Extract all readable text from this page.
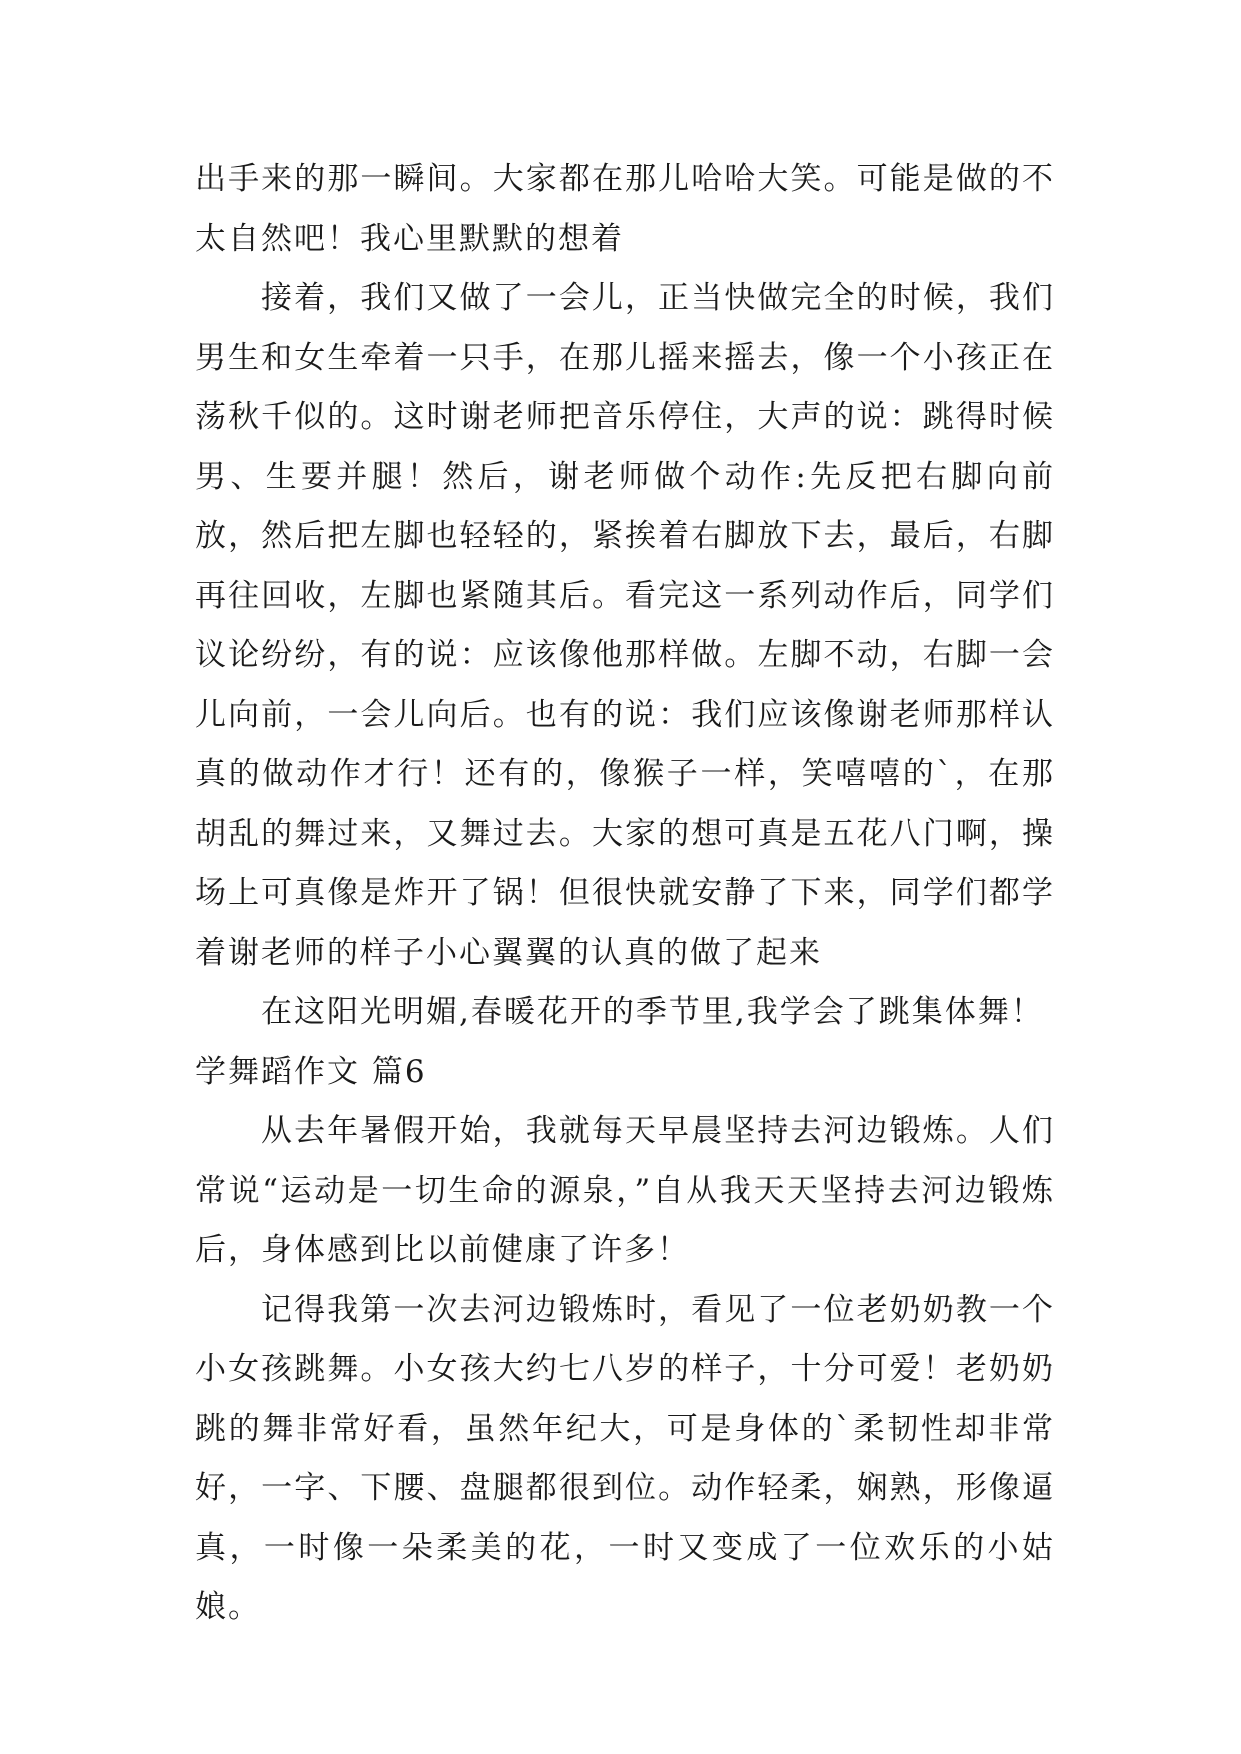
出手来的那一瞬间。大家都在那儿哈哈大笑。可能是做的不太自然吧！我心里默默的想着

接着，我们又做了一会儿，正当快做完全的时候，我们男生和女生牵着一只手，在那儿摇来摇去，像一个小孩正在荡秋千似的。这时谢老师把音乐停住，大声的说：跳得时候男、生要并腿！然后，谢老师做个动作:先反把右脚向前放，然后把左脚也轻轻的，紧挨着右脚放下去，最后，右脚再往回收，左脚也紧随其后。看完这一系列动作后，同学们议论纷纷，有的说：应该像他那样做。左脚不动，右脚一会儿向前，一会儿向后。也有的说：我们应该像谢老师那样认真的做动作才行！还有的，像猴子一样，笑嘻嘻的`，在那胡乱的舞过来，又舞过去。大家的想可真是五花八门啊，操场上可真像是炸开了锅！但很快就安静了下来，同学们都学着谢老师的样子小心翼翼的认真的做了起来

在这阳光明媚,春暖花开的季节里,我学会了跳集体舞！

学舞蹈作文 篇6

从去年暑假开始，我就每天早晨坚持去河边锻炼。人们常说“运动是一切生命的源泉，”自从我天天坚持去河边锻炼后，身体感到比以前健康了许多！

记得我第一次去河边锻炼时，看见了一位老奶奶教一个小女孩跳舞。小女孩大约七八岁的样子，十分可爱！老奶奶跳的舞非常好看，虽然年纪大，可是身体的`柔韧性却非常好，一字、下腰、盘腿都很到位。动作轻柔，娴熟，形像逼真，一时像一朵柔美的花，一时又变成了一位欢乐的小姑娘。
